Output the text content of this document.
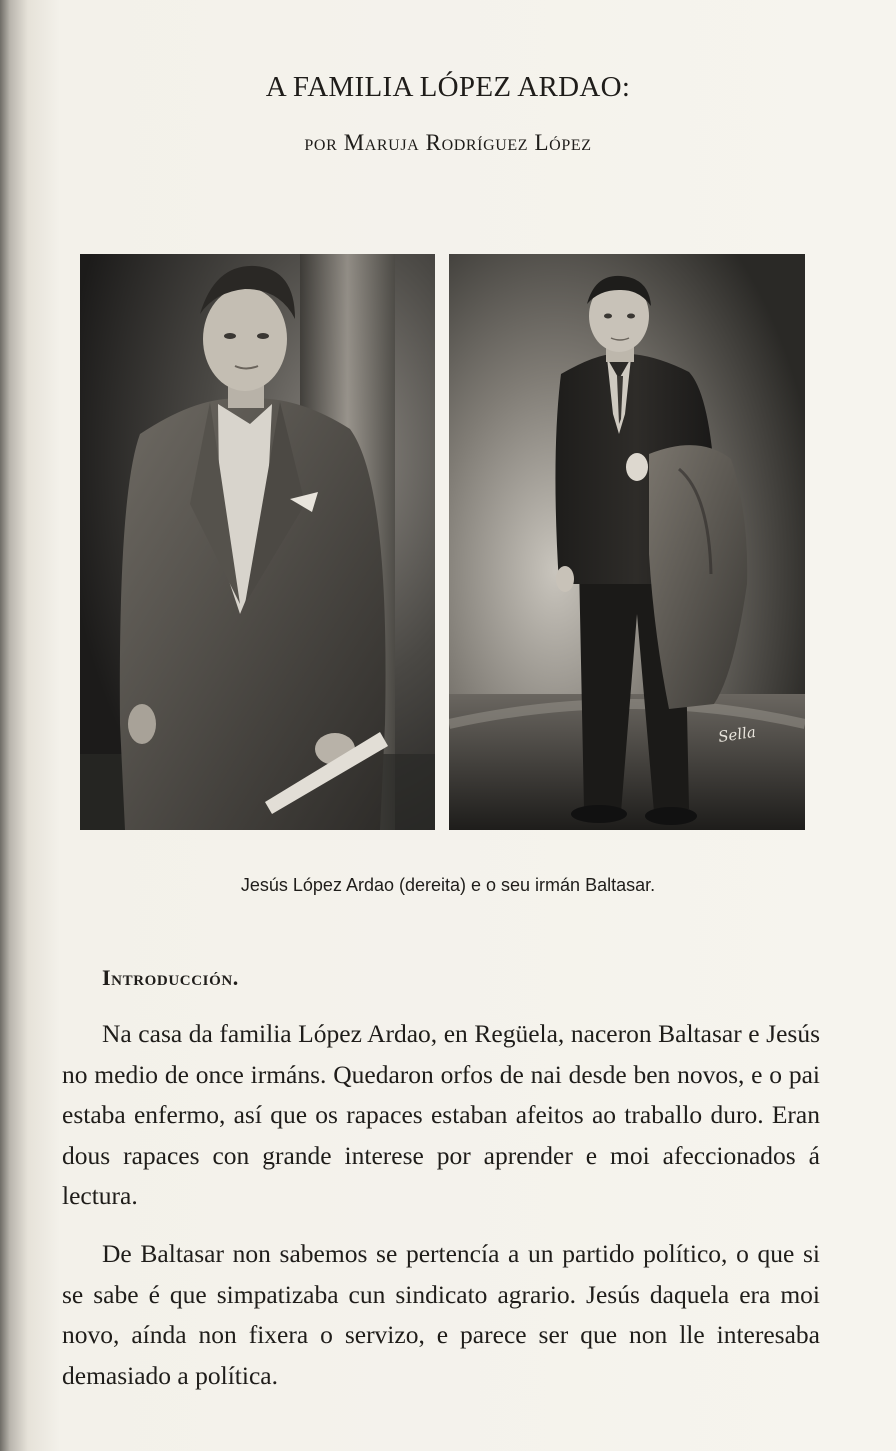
A FAMILIA LÓPEZ ARDAO:
por Maruja Rodríguez López
Sella
Jesús López Ardao (dereita) e o seu irmán Baltasar.
Introducción.

Na casa da familia López Ardao, en Regüela, naceron Baltasar e Jesús no medio de once irmáns. Quedaron orfos de nai desde ben novos, e o pai estaba enfermo, así que os rapaces estaban afeitos ao traballo duro. Eran dous rapaces con grande interese por aprender e moi afeccionados á lectura.

De Baltasar non sabemos se pertencía a un partido político, o que si se sabe é que simpatizaba cun sindicato agrario. Jesús daquela era moi novo, aínda non fixera o servizo, e parece ser que non lle interesaba demasiado a política.
